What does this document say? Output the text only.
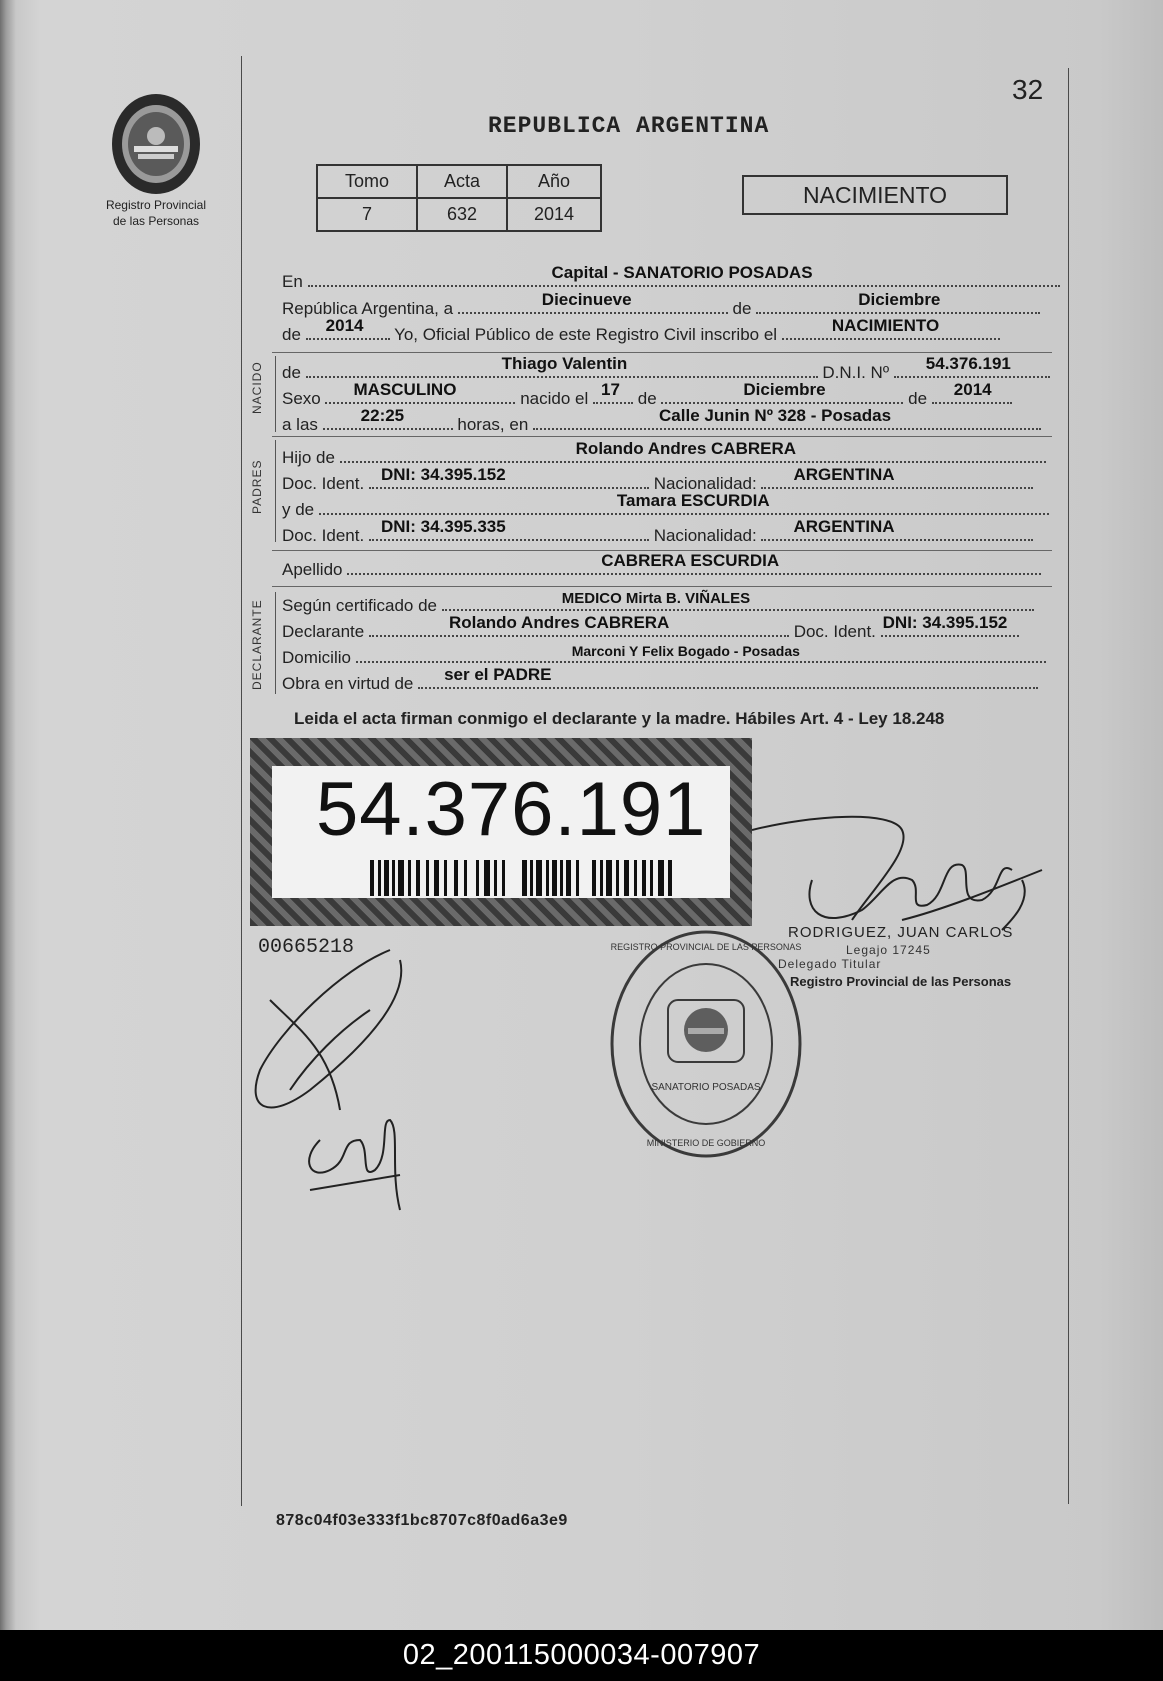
Registro Provincial
de las Personas
32
REPUBLICA ARGENTINA
Tomo	Acta	Año
7	632	2014
NACIMIENTO
En	Capital - SANATORIO POSADAS
República Argentina, a	Diecinueve	de	Diciembre
de 2014 Yo, Oficial Público de este Registro Civil inscribo el	NACIMIENTO
NACIDO de	Thiago Valentin	D.N.I. Nº 54.376.191
Sexo MASCULINO	nacido el 17 de	Diciembre	de 2014
a las	22:25	horas, en	Calle Junin Nº 328 - Posadas
PADRES
Hijo de	Rolando Andres CABRERA
Doc. Ident. DNI: 34.395.152	Nacionalidad: ARGENTINA
y de	Tamara ESCURDIA
Doc. Ident. DNI: 34.395.335	Nacionalidad: ARGENTINA
Apellido	CABRERA ESCURDIA
DECLARANTE Según certificado de	MEDICO Mirta B. VIÑALES
Declarante	Rolando Andres CABRERA	Doc. Ident. DNI: 34.395.152
Domicilio	Marconi Y Felix Bogado - Posadas
Obra en virtud de ser el PADRE
Leida el acta firman conmigo el declarante y la madre. Hábiles Art. 4 - Ley 18.248
54.376.191
00665218
RODRIGUEZ, JUAN CARLOS
Legajo 17245
Delegado Titular
Registro Provincial de las Personas
SANATORIO POSADAS
REGISTRO PROVINCIAL DE LAS PERSONAS
MINISTERIO DE GOBIERNO
878c04f03e333f1bc8707c8f0ad6a3e9
02_200115000034-007907
